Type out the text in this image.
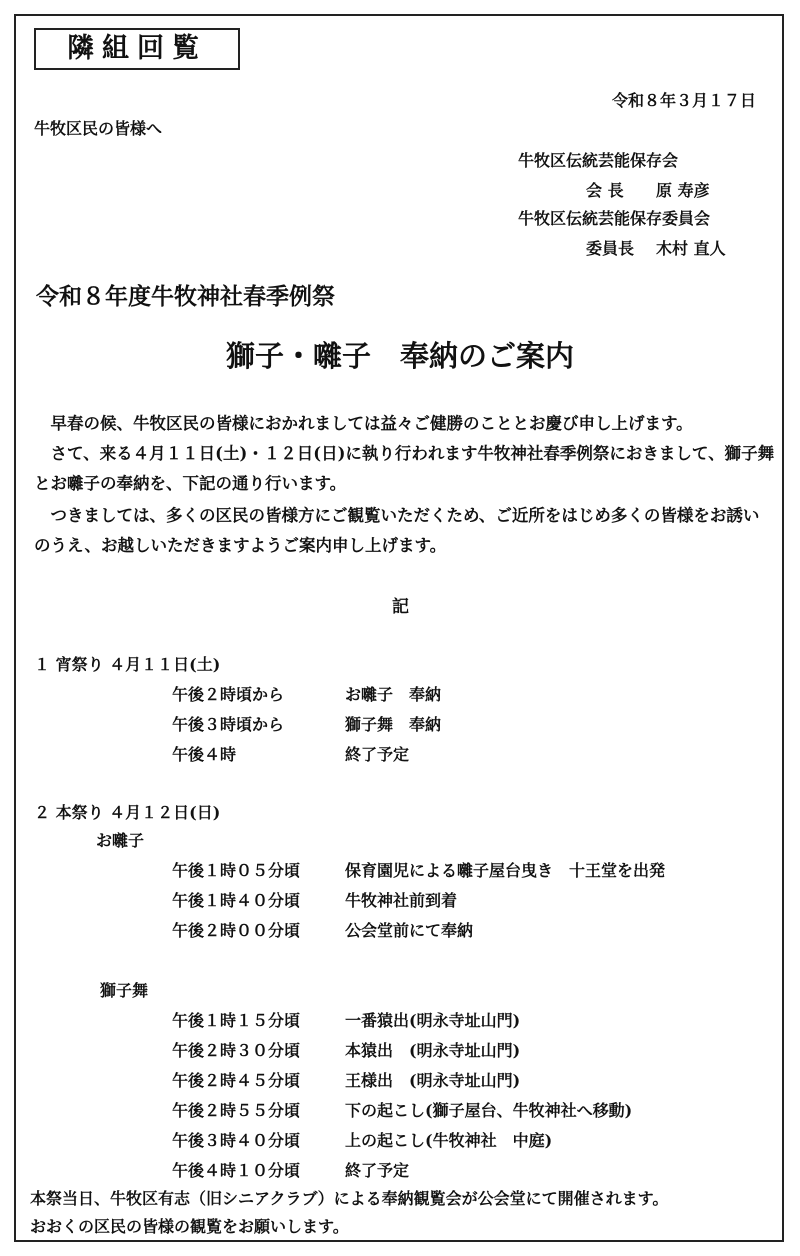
隣組回覧
令和８年３月１７日
牛牧区民の皆様へ
牛牧区伝統芸能保存会
会 長 原 寿彦
牛牧区伝統芸能保存委員会
委員長 木村 直人
令和８年度牛牧神社春季例祭
獅子・囃子　奉納のご案内
　早春の候、牛牧区民の皆様におかれましては益々ご健勝のこととお慶び申し上げます。
　さて、来る４月１１日(土)・１２日(日)に執り行われます牛牧神社春季例祭におきまして、獅子舞
とお囃子の奉納を、下記の通り行います。
　つきましては、多くの区民の皆様方にご観覧いただくため、ご近所をはじめ多くの皆様をお誘い
のうえ、お越しいただきますようご案内申し上げます。
記
１ 宵祭り ４月１１日(土)
午後２時頃から	お囃子　奉納
午後３時頃から	獅子舞　奉納
午後４時	終了予定
２ 本祭り ４月１２日(日)
お囃子
午後１時０５分頃	保育園児による囃子屋台曳き　十王堂を出発
午後１時４０分頃	牛牧神社前到着
午後２時００分頃	公会堂前にて奉納
獅子舞
午後１時１５分頃	一番猿出(明永寺址山門)
午後２時３０分頃	本猿出　(明永寺址山門)
午後２時４５分頃	王様出　(明永寺址山門)
午後２時５５分頃	下の起こし(獅子屋台、牛牧神社へ移動)
午後３時４０分頃	上の起こし(牛牧神社　中庭)
午後４時１０分頃	終了予定
本祭当日、牛牧区有志（旧シニアクラブ）による奉納観覧会が公会堂にて開催されます。
おおくの区民の皆様の観覧をお願いします。
